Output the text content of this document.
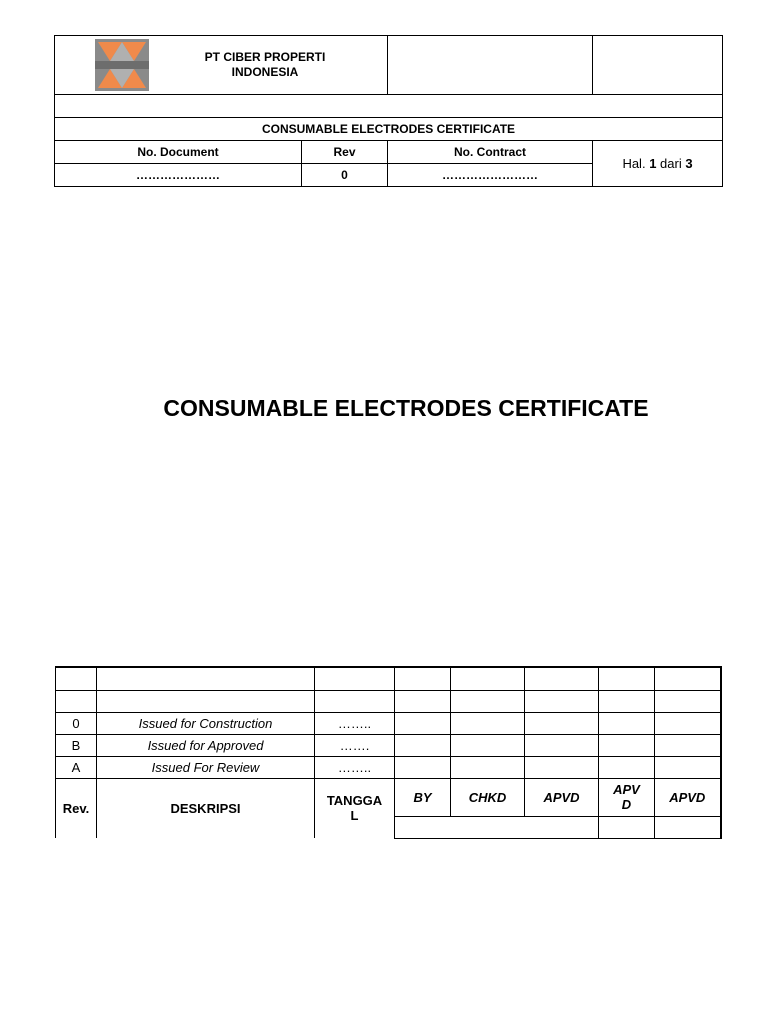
PT CIBER PROPERTI
INDONESIA			

CONSUMABLE ELECTRODES CERTIFICATE			
No. Document	Rev	No. Contract	Hal. 1 dari 3
…………………	0	……………………	
CONSUMABLE ELECTRODES CERTIFICATE

0	Issued for Construction	……..					
B	Issued for Approved	…….					
A	Issued For Review	……..					
Rev.	DESKRIPSI	TANGGAL	BY	CHKD	APVD	APVD	APVD
